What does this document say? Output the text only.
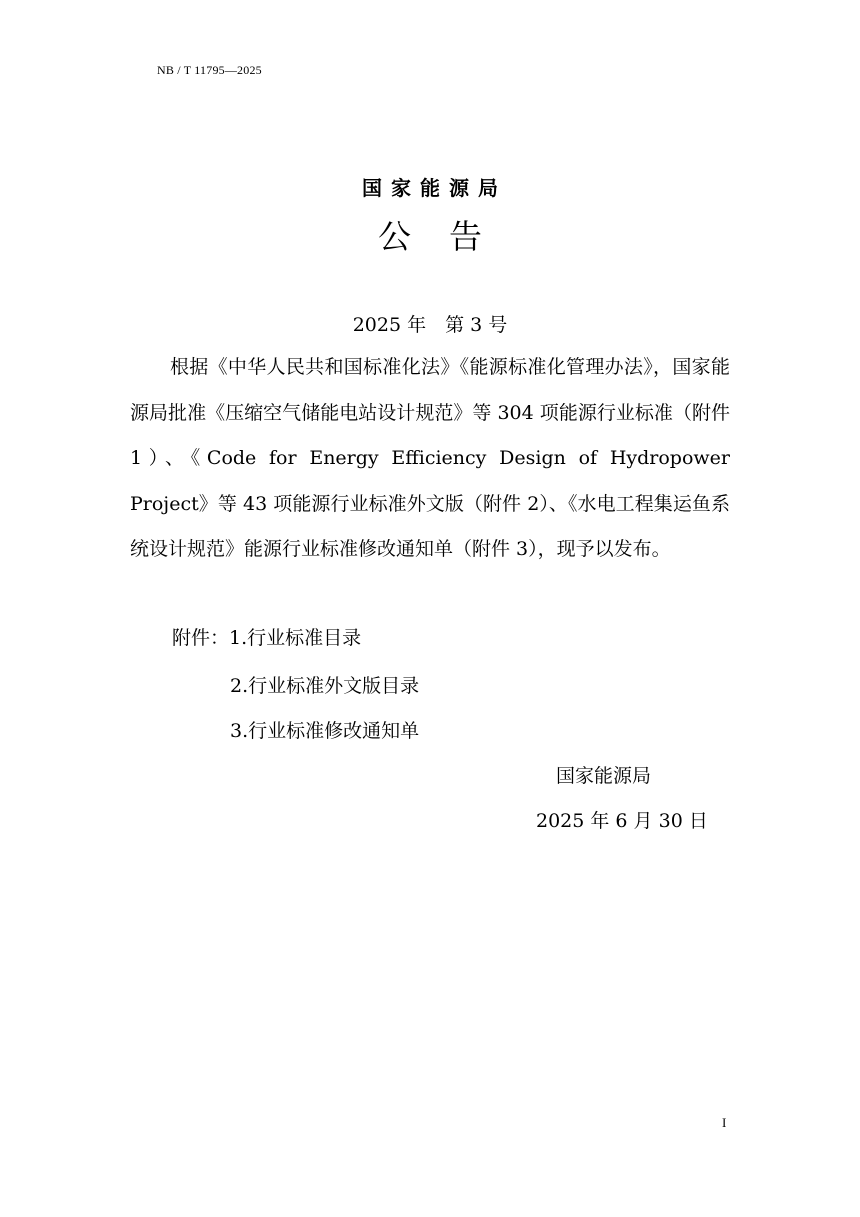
NB / T 11795—2025
国家能源局
公告
2025 年　第 3 号

根据《中华人民共和国标准化法》《能源标准化管理办法》，国家能源局批准《压缩空气储能电站设计规范》等 304 项能源行业标准（附件 1）、《Code for Energy Efficiency Design of Hydropower Project》等 43 项能源行业标准外文版（附件 2）、《水电工程集运鱼系统设计规范》能源行业标准修改通知单（附件 3），现予以发布。

附件：1.行业标准目录
2.行业标准外文版目录
3.行业标准修改通知单
国家能源局
2025 年 6 月 30 日
I
